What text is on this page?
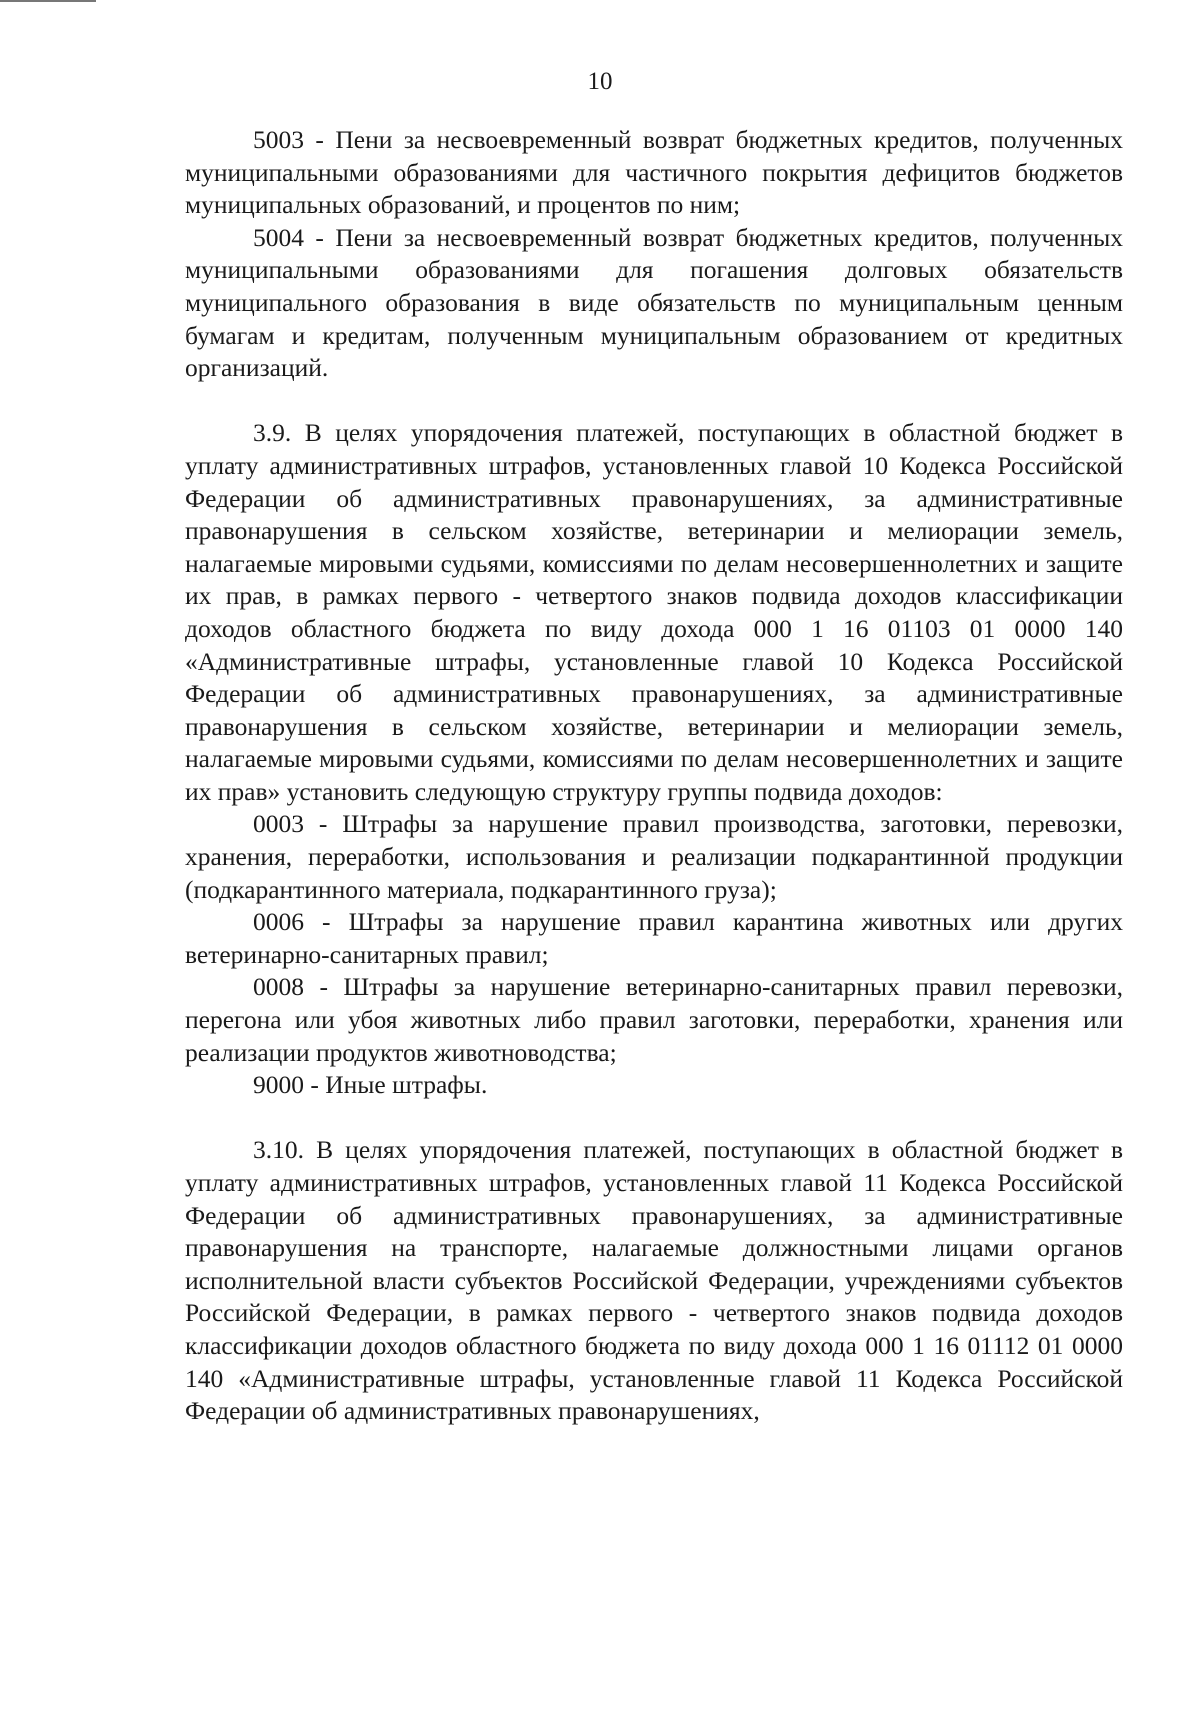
10

5003 - Пени за несвоевременный возврат бюджетных кредитов, полученных муниципальными образованиями для частичного покрытия дефицитов бюджетов муниципальных образований, и процентов по ним;

5004 - Пени за несвоевременный возврат бюджетных кредитов, полученных муниципальными образованиями для погашения долговых обязательств муниципального образования в виде обязательств по муниципальным ценным бумагам и кредитам, полученным муниципальным образованием от кредитных организаций.

3.9. В целях упорядочения платежей, поступающих в областной бюджет в уплату административных штрафов, установленных главой 10 Кодекса Российской Федерации об административных правонарушениях, за административные правонарушения в сельском хозяйстве, ветеринарии и мелиорации земель, налагаемые мировыми судьями, комиссиями по делам несовершеннолетних и защите их прав, в рамках первого - четвертого знаков подвида доходов классификации доходов областного бюджета по виду дохода 000 1 16 01103 01 0000 140 «Административные штрафы, установленные главой 10 Кодекса Российской Федерации об административных правонарушениях, за административные правонарушения в сельском хозяйстве, ветеринарии и мелиорации земель, налагаемые мировыми судьями, комиссиями по делам несовершеннолетних и защите их прав» установить следующую структуру группы подвида доходов:

0003 - Штрафы за нарушение правил производства, заготовки, перевозки, хранения, переработки, использования и реализации подкарантинной продукции (подкарантинного материала, подкарантинного груза);

0006 - Штрафы за нарушение правил карантина животных или других ветеринарно-санитарных правил;

0008 - Штрафы за нарушение ветеринарно-санитарных правил перевозки, перегона или убоя животных либо правил заготовки, переработки, хранения или реализации продуктов животноводства;

9000 - Иные штрафы.

3.10. В целях упорядочения платежей, поступающих в областной бюджет в уплату административных штрафов, установленных главой 11 Кодекса Российской Федерации об административных правонарушениях, за административные правонарушения на транспорте, налагаемые должностными лицами органов исполнительной власти субъектов Российской Федерации, учреждениями субъектов Российской Федерации, в рамках первого - четвертого знаков подвида доходов классификации доходов областного бюджета по виду дохода 000 1 16 01112 01 0000 140 «Административные штрафы, установленные главой 11 Кодекса Российской Федерации об административных правонарушениях,
